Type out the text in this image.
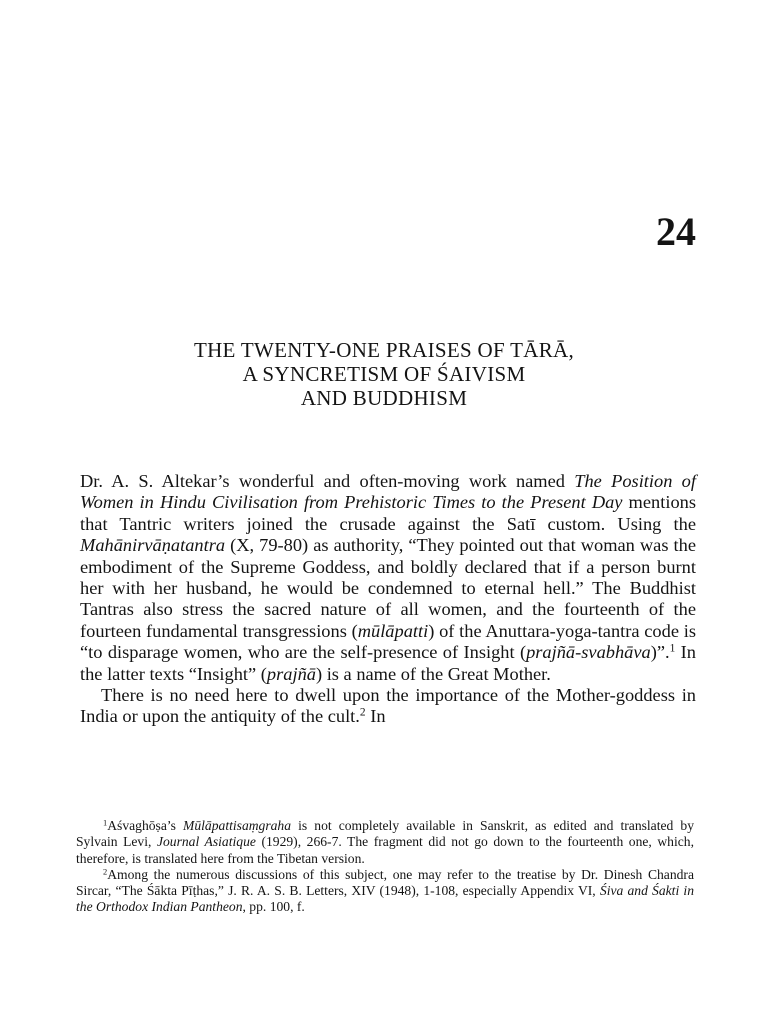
24
THE TWENTY-ONE PRAISES OF TĀRĀ,
A SYNCRETISM OF ŚAIVISM
AND BUDDHISM

Dr. A. S. Altekar’s wonderful and often-moving work named The Position of Women in Hindu Civilisation from Prehistoric Times to the Present Day mentions that Tantric writers joined the crusade against the Satī custom. Using the Mahānirvāṇatantra (X, 79-80) as authority, “They pointed out that woman was the embodiment of the Supreme Goddess, and boldly declared that if a person burnt her with her husband, he would be condemned to eternal hell.” The Buddhist Tantras also stress the sacred nature of all women, and the fourteenth of the fourteen fundamental transgressions (mūlāpatti) of the Anuttara-yoga-tantra code is “to disparage women, who are the self-presence of Insight (prajñā-svabhāva)”.$^1$ In the latter texts “Insight” (prajñā) is a name of the Great Mother.

There is no need here to dwell upon the importance of the Mother-goddess in India or upon the antiquity of the cult.$^2$ In

$^1$Aśvaghōṣa’s Mūlāpattisaṃgraha is not completely available in Sanskrit, as edited and translated by Sylvain Levi, Journal Asiatique (1929), 266-7. The fragment did not go down to the fourteenth one, which, therefore, is translated here from the Tibetan version.

$^2$Among the numerous discussions of this subject, one may refer to the treatise by Dr. Dinesh Chandra Sircar, “The Śākta Pīṭhas,” J. R. A. S. B. Letters, XIV (1948), 1-108, especially Appendix VI, Śiva and Śakti in the Orthodox Indian Pantheon, pp. 100, f.
